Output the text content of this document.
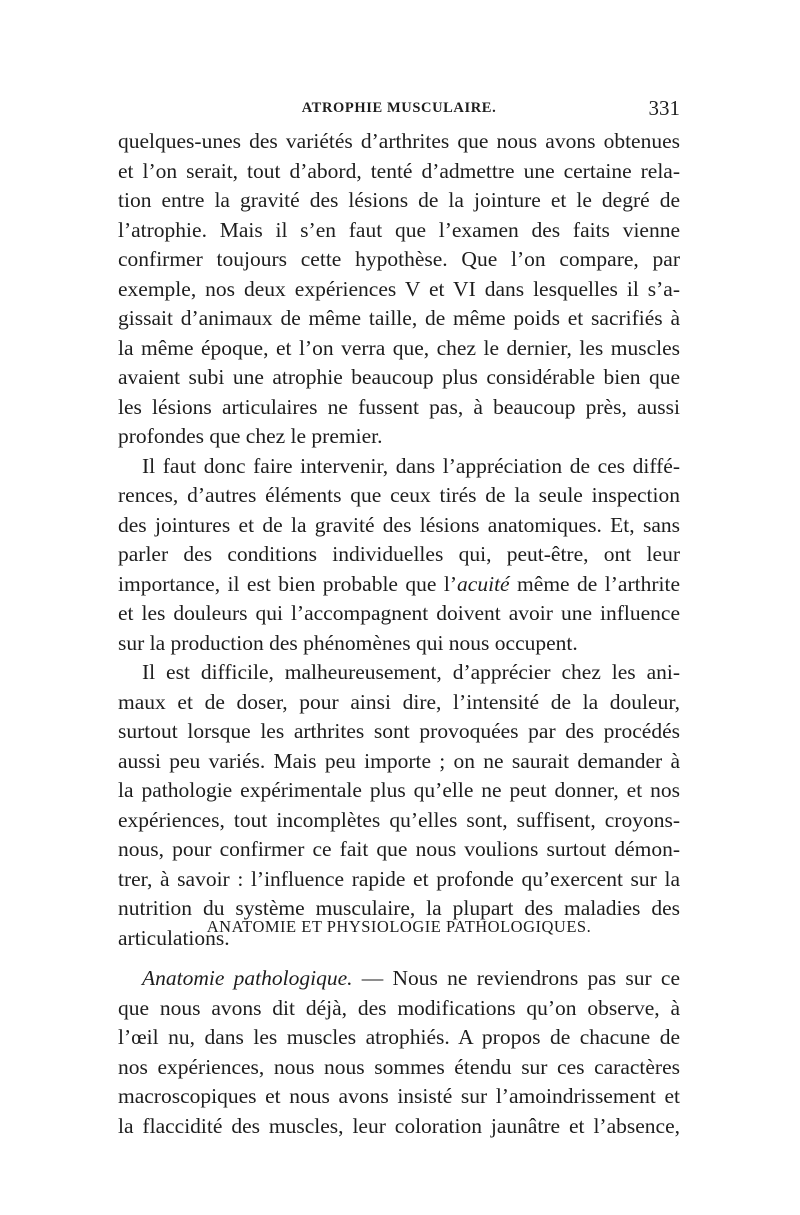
ATROPHIE MUSCULAIRE.	331
quelques-unes des variétés d’arthrites que nous avons obtenues
et l’on serait, tout d’abord, tenté d’admettre une certaine rela-
tion entre la gravité des lésions de la jointure et le degré de
l’atrophie. Mais il s’en faut que l’examen des faits vienne
confirmer toujours cette hypothèse. Que l’on compare, par
exemple, nos deux expériences V et VI dans lesquelles il s’a-
gissait d’animaux de même taille, de même poids et sacrifiés à
la même époque, et l’on verra que, chez le dernier, les muscles
avaient subi une atrophie beaucoup plus considérable bien que
les lésions articulaires ne fussent pas, à beaucoup près, aussi
profondes que chez le premier.
Il faut donc faire intervenir, dans l’appréciation de ces diffé-
rences, d’autres éléments que ceux tirés de la seule inspection
des jointures et de la gravité des lésions anatomiques. Et, sans
parler des conditions individuelles qui, peut-être, ont leur
importance, il est bien probable que l’acuité même de l’arthrite
et les douleurs qui l’accompagnent doivent avoir une influence
sur la production des phénomènes qui nous occupent.
Il est difficile, malheureusement, d’apprécier chez les ani-
maux et de doser, pour ainsi dire, l’intensité de la douleur,
surtout lorsque les arthrites sont provoquées par des procédés
aussi peu variés. Mais peu importe ; on ne saurait demander à
la pathologie expérimentale plus qu’elle ne peut donner, et nos
expériences, tout incomplètes qu’elles sont, suffisent, croyons-
nous, pour confirmer ce fait que nous voulions surtout démon-
trer, à savoir : l’influence rapide et profonde qu’exercent sur la
nutrition du système musculaire, la plupart des maladies des
articulations.
ANATOMIE ET PHYSIOLOGIE PATHOLOGIQUES.
Anatomie pathologique. — Nous ne reviendrons pas sur ce
que nous avons dit déjà, des modifications qu’on observe, à
l’œil nu, dans les muscles atrophiés. A propos de chacune de
nos expériences, nous nous sommes étendu sur ces caractères
macroscopiques et nous avons insisté sur l’amoindrissement et
la flaccidité des muscles, leur coloration jaunâtre et l’absence,
